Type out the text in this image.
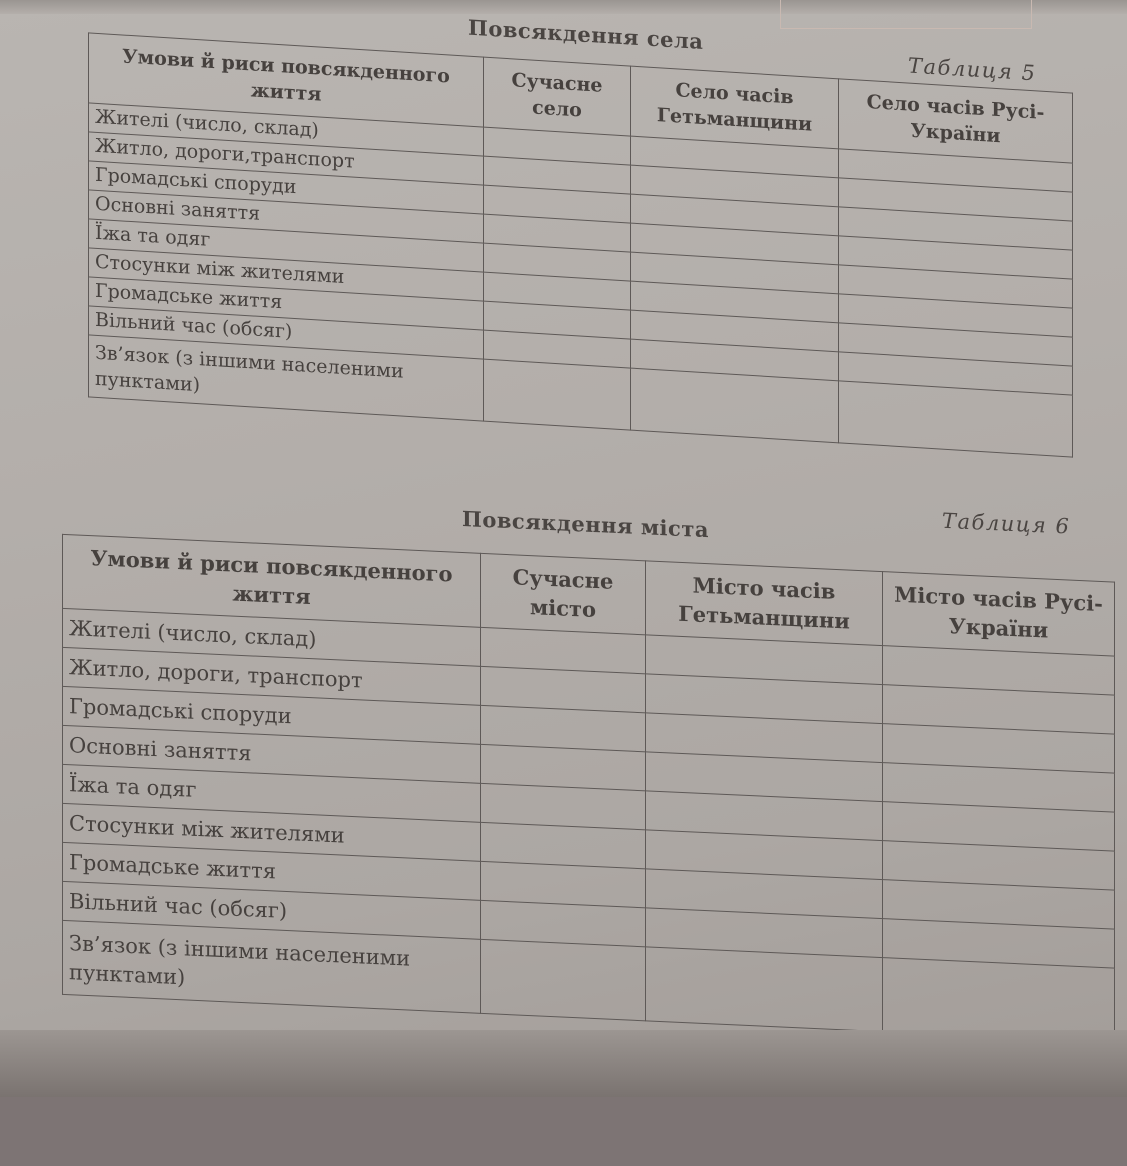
Повсякдення села
Таблиця 5
Умови й риси повсякденного життя	Сучасне село	Село часів Гетьманщини	Село часів Русі-України
Жителі (число, склад)			
Житло, дороги,транспорт			
Громадські споруди			
Основні заняття			
Їжа та одяг			
Стосунки між жителями			
Громадське життя			
Вільний час (обсяг)			
Зв’язок (з іншими населеними пунктами)			
Повсякдення міста	Таблиця 6
Умови й риси повсякденного життя	Сучасне місто	Місто часів Гетьманщини	Місто часів Русі-України
Жителі (число, склад)			
Житло, дороги, транспорт			
Громадські споруди			
Основні заняття			
Їжа та одяг			
Стосунки між жителями			
Громадське життя			
Вільний час (обсяг)			
Зв’язок (з іншими населеними пунктами)			
